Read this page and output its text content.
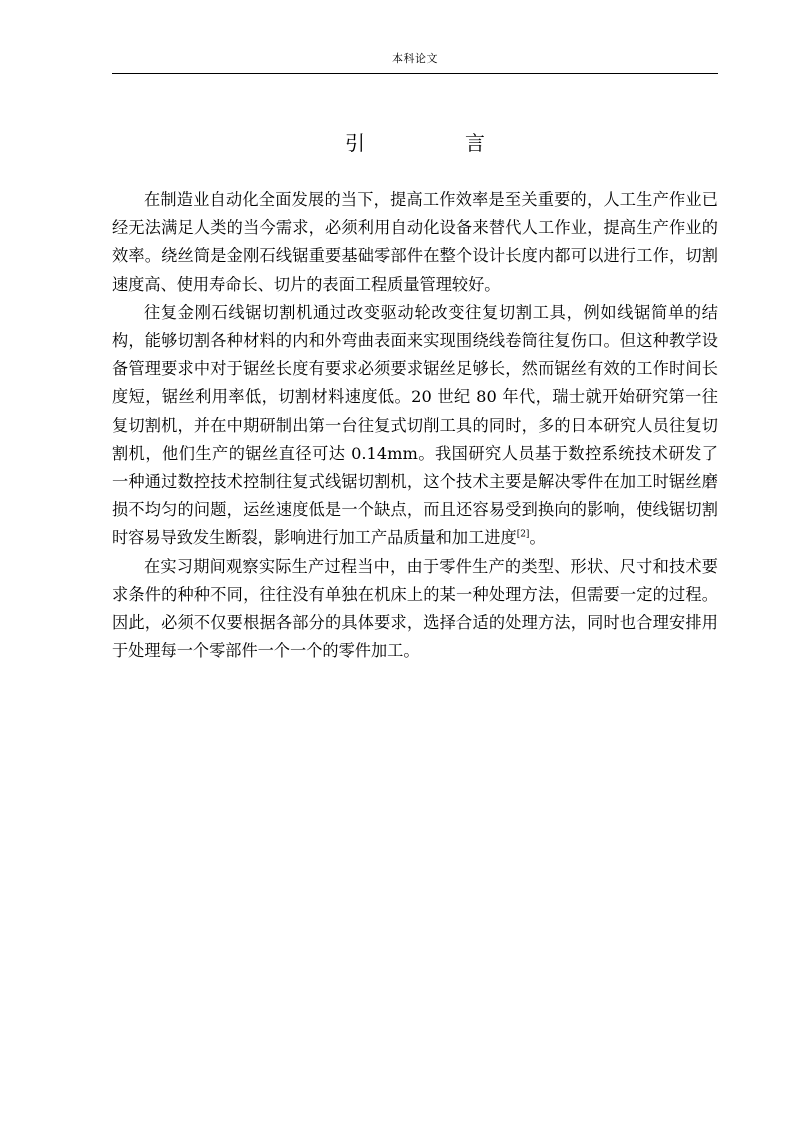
本科论文
引　言

在制造业自动化全面发展的当下，提高工作效率是至关重要的，人工生产作业已经无法满足人类的当今需求，必须利用自动化设备来替代人工作业，提高生产作业的效率。绕丝筒是金刚石线锯重要基础零部件在整个设计长度内都可以进行工作，切割速度高、使用寿命长、切片的表面工程质量管理较好。

往复金刚石线锯切割机通过改变驱动轮改变往复切割工具，例如线锯简单的结构，能够切割各种材料的内和外弯曲表面来实现围绕线卷筒往复伤口。但这种教学设备管理要求中对于锯丝长度有要求必须要求锯丝足够长，然而锯丝有效的工作时间长度短，锯丝利用率低，切割材料速度低。20 世纪 80 年代，瑞士就开始研究第一往复切割机，并在中期研制出第一台往复式切削工具的同时，多的日本研究人员往复切割机，他们生产的锯丝直径可达 0.14mm。我国研究人员基于数控系统技术研发了一种通过数控技术控制往复式线锯切割机，这个技术主要是解决零件在加工时锯丝磨损不均匀的问题，运丝速度低是一个缺点，而且还容易受到换向的影响，使线锯切割时容易导致发生断裂，影响进行加工产品质量和加工进度[2]。

在实习期间观察实际生产过程当中，由于零件生产的类型、形状、尺寸和技术要求条件的种种不同，往往没有单独在机床上的某一种处理方法，但需要一定的过程。因此，必须不仅要根据各部分的具体要求，选择合适的处理方法，同时也合理安排用于处理每一个零部件一个一个的零件加工。
